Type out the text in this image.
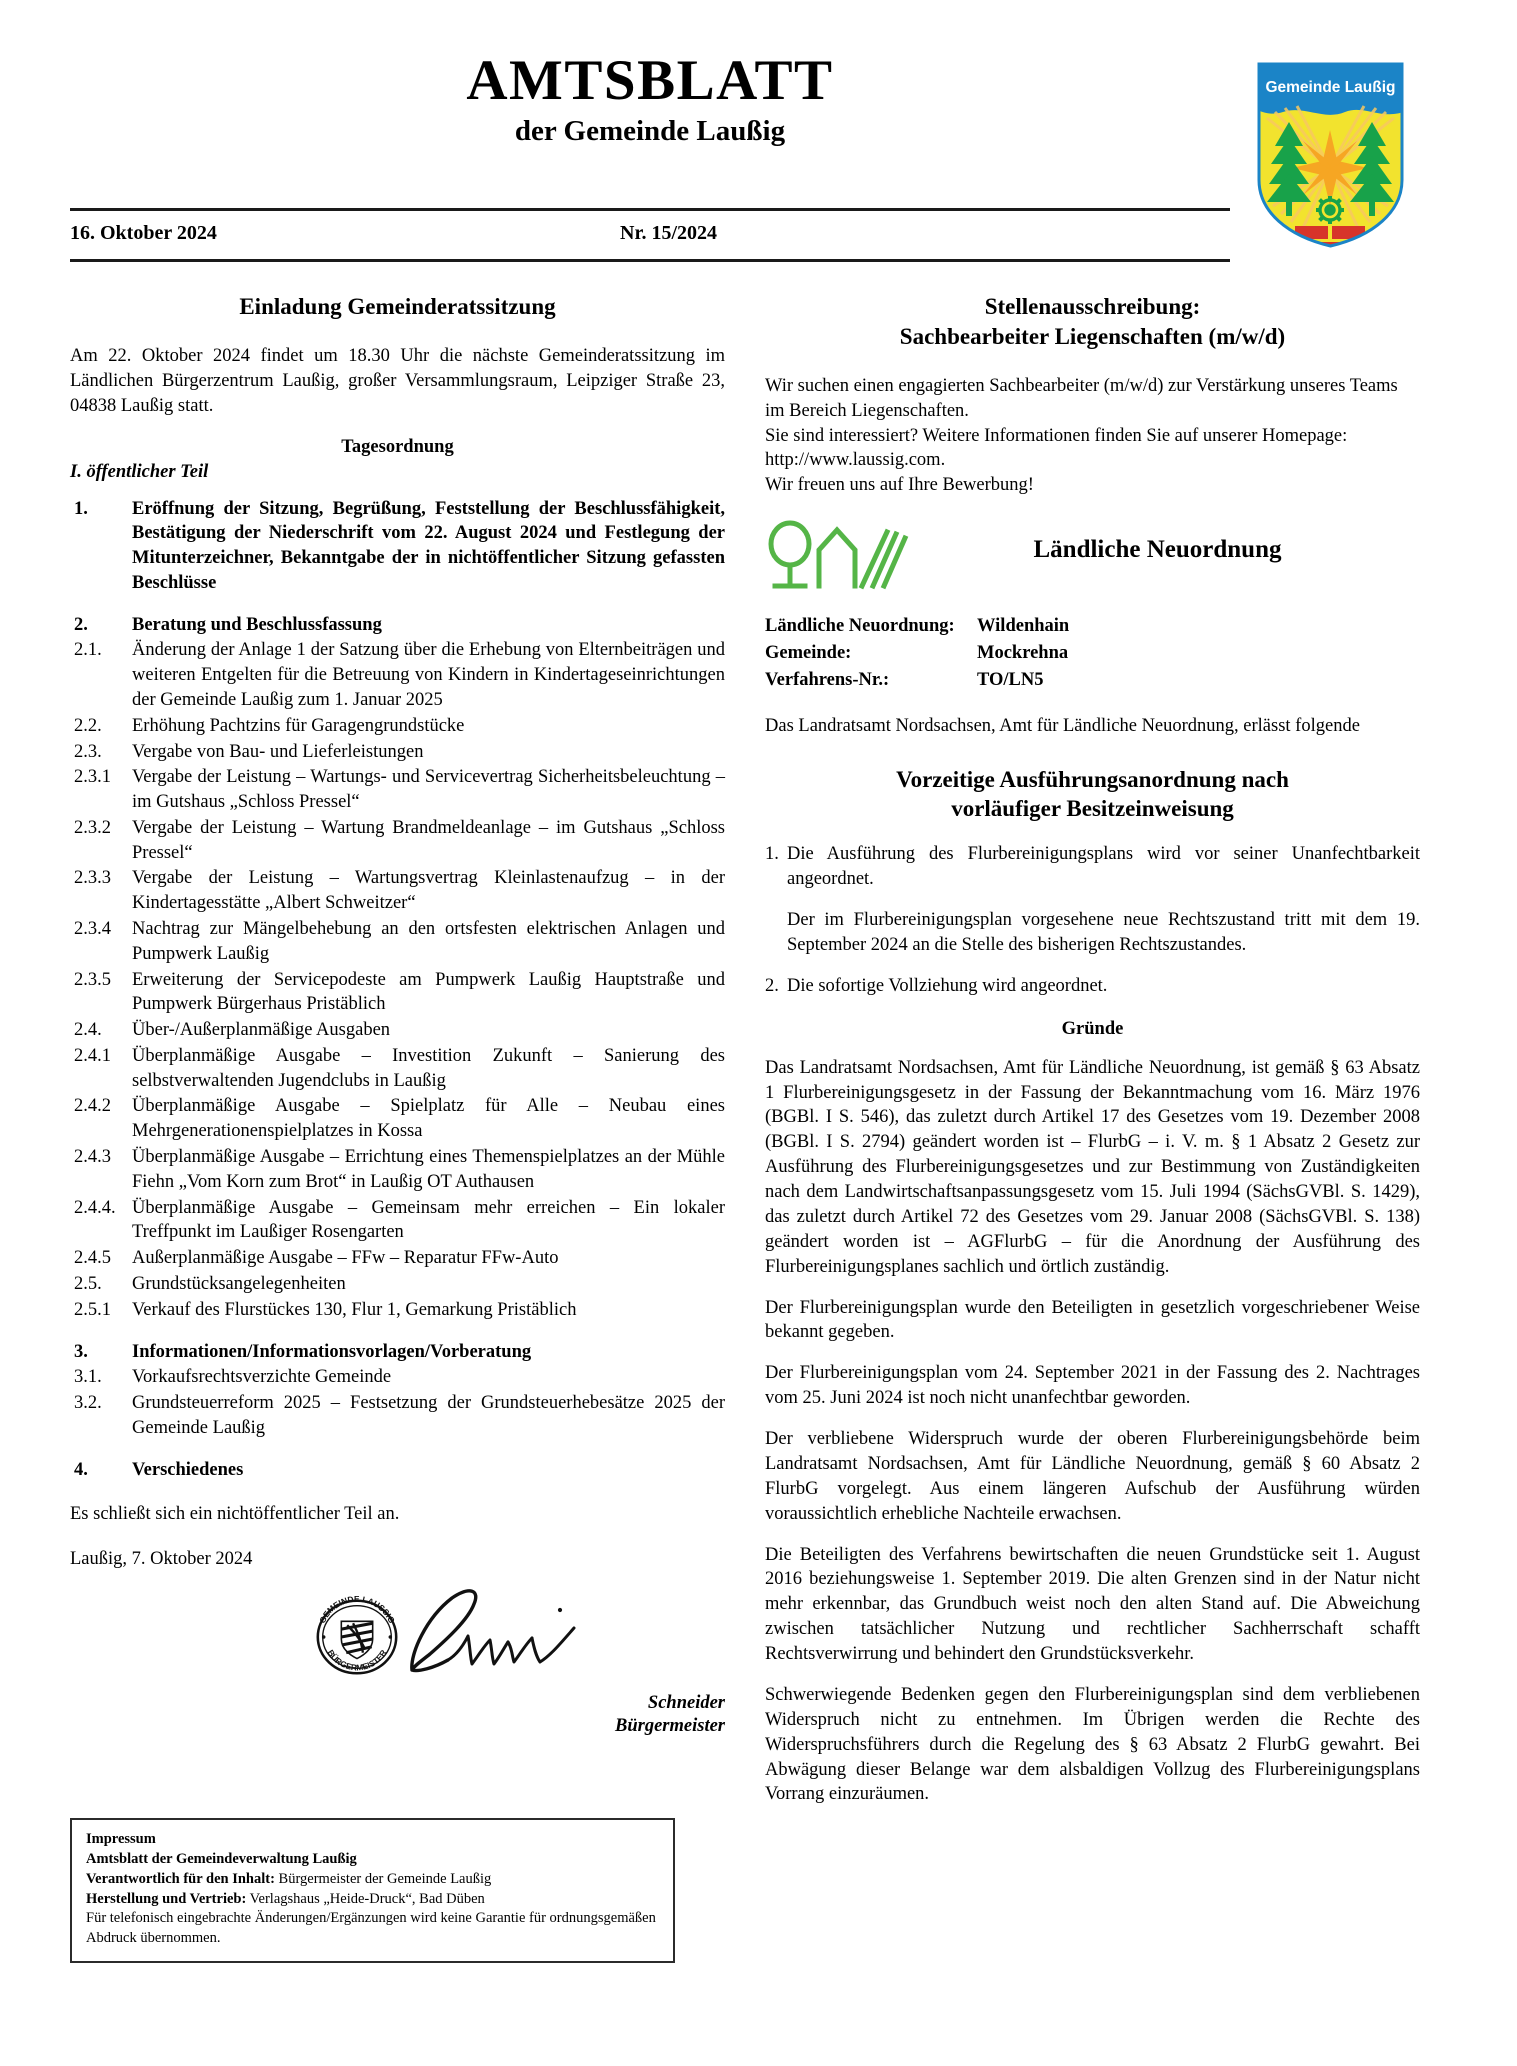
AMTSBLATT
der Gemeinde Laußig
16. Oktober 2024	Nr. 15/2024
Gemeinde Laußig
Einladung Gemeinderatssitzung

Am 22. Oktober 2024 findet um 18.30 Uhr die nächste Gemeinderatssitzung im Ländlichen Bürgerzentrum Laußig, großer Versammlungsraum, Leipziger Straße 23, 04838 Laußig statt.

Tagesordnung
I. öffentlicher Teil
1.	Eröffnung der Sitzung, Begrüßung, Feststellung der Beschlussfähigkeit, Bestätigung der Niederschrift vom 22. August 2024 und Festlegung der Mitunterzeichner, Bekanntgabe der in nichtöffentlicher Sitzung gefassten Beschlüsse
2.	Beratung und Beschlussfassung
2.1.	Änderung der Anlage 1 der Satzung über die Erhebung von Elternbeiträgen und weiteren Entgelten für die Betreuung von Kindern in Kindertageseinrichtungen der Gemeinde Laußig zum 1. Januar 2025
2.2.	Erhöhung Pachtzins für Garagengrundstücke
2.3.	Vergabe von Bau- und Lieferleistungen
2.3.1	Vergabe der Leistung – Wartungs- und Servicevertrag Sicherheitsbeleuchtung – im Gutshaus „Schloss Pressel“
2.3.2	Vergabe der Leistung – Wartung Brandmeldeanlage – im Gutshaus „Schloss Pressel“
2.3.3	Vergabe der Leistung – Wartungsvertrag Kleinlastenaufzug – in der Kindertagesstätte „Albert Schweitzer“
2.3.4	Nachtrag zur Mängelbehebung an den ortsfesten elektrischen Anlagen und Pumpwerk Laußig
2.3.5	Erweiterung der Servicepodeste am Pumpwerk Laußig Hauptstraße und Pumpwerk Bürgerhaus Pristäblich
2.4.	Über-/Außerplanmäßige Ausgaben
2.4.1	Überplanmäßige Ausgabe – Investition Zukunft – Sanierung des selbstverwaltenden Jugendclubs in Laußig
2.4.2	Überplanmäßige Ausgabe – Spielplatz für Alle – Neubau eines Mehrgenerationenspielplatzes in Kossa
2.4.3	Überplanmäßige Ausgabe – Errichtung eines Themenspielplatzes an der Mühle Fiehn „Vom Korn zum Brot“ in Laußig OT Authausen
2.4.4. Überplanmäßige Ausgabe – Gemeinsam mehr erreichen – Ein lokaler Treffpunkt im Laußiger Rosengarten
2.4.5	Außerplanmäßige Ausgabe – FFw – Reparatur FFw-Auto
2.5.	Grundstücksangelegenheiten
2.5.1	Verkauf des Flurstückes 130, Flur 1, Gemarkung Pristäblich
3.	Informationen/Informationsvorlagen/Vorberatung
3.1.	Vorkaufsrechtsverzichte Gemeinde
3.2.	Grundsteuerreform 2025 – Festsetzung der Grundsteuerhebesätze 2025 der Gemeinde Laußig
4.	Verschiedenes

Es schließt sich ein nichtöffentlicher Teil an.

Laußig, 7. Oktober 2024

GEMEINDE LAUSSIG
BÜRGERMEISTER
Schneider
Bürgermeister
Impressum
Amtsblatt der Gemeindeverwaltung Laußig
Verantwortlich für den Inhalt: Bürgermeister der Gemeinde Laußig
Herstellung und Vertrieb: Verlagshaus „Heide-Druck“, Bad Düben
Für telefonisch eingebrachte Änderungen/Ergänzungen wird keine Garantie für ordnungsgemäßen Abdruck übernommen.
Stellenausschreibung:
Sachbearbeiter Liegenschaften (m/w/d)

Wir suchen einen engagierten Sachbearbeiter (m/w/d) zur Verstärkung unseres Teams im Bereich Liegenschaften.

Sie sind interessiert? Weitere Informationen finden Sie auf unserer Homepage: http://www.laussig.com.

Wir freuen uns auf Ihre Bewerbung!

Ländliche Neuordnung
Ländliche Neuordnung:	Wildenhain
Gemeinde:	Mockrehna
Verfahrens-Nr.:	TO/LN5

Das Landratsamt Nordsachsen, Amt für Ländliche Neuordnung, erlässt folgende

Vorzeitige Ausführungsanordnung nach
vorläufiger Besitzeinweisung
1. Die Ausführung des Flurbereinigungsplans wird vor seiner Unanfechtbarkeit angeordnet.
Der im Flurbereinigungsplan vorgesehene neue Rechtszustand tritt mit dem 19. September 2024 an die Stelle des bisherigen Rechtszustandes.
2. Die sofortige Vollziehung wird angeordnet.
Gründe

Das Landratsamt Nordsachsen, Amt für Ländliche Neuordnung, ist gemäß § 63 Absatz 1 Flurbereinigungsgesetz in der Fassung der Bekanntmachung vom 16. März 1976 (BGBl. I S. 546), das zuletzt durch Artikel 17 des Gesetzes vom 19. Dezember 2008 (BGBl. I S. 2794) geändert worden ist – FlurbG – i. V. m. § 1 Absatz 2 Gesetz zur Ausführung des Flurbereinigungsgesetzes und zur Bestimmung von Zuständigkeiten nach dem Landwirtschaftsanpassungsgesetz vom 15. Juli 1994 (SächsGVBl. S. 1429), das zuletzt durch Artikel 72 des Gesetzes vom 29. Januar 2008 (SächsGVBl. S. 138) geändert worden ist – AGFlurbG – für die Anordnung der Ausführung des Flurbereinigungsplanes sachlich und örtlich zuständig.

Der Flurbereinigungsplan wurde den Beteiligten in gesetzlich vorgeschriebener Weise bekannt gegeben.

Der Flurbereinigungsplan vom 24. September 2021 in der Fassung des 2. Nachtrages vom 25. Juni 2024 ist noch nicht unanfechtbar geworden.

Der verbliebene Widerspruch wurde der oberen Flurbereinigungsbehörde beim Landratsamt Nordsachsen, Amt für Ländliche Neuordnung, gemäß § 60 Absatz 2 FlurbG vorgelegt. Aus einem längeren Aufschub der Ausführung würden voraussichtlich erhebliche Nachteile erwachsen.

Die Beteiligten des Verfahrens bewirtschaften die neuen Grundstücke seit 1. August 2016 beziehungsweise 1. September 2019. Die alten Grenzen sind in der Natur nicht mehr erkennbar, das Grundbuch weist noch den alten Stand auf. Die Abweichung zwischen tatsächlicher Nutzung und rechtlicher Sachherrschaft schafft Rechtsverwirrung und behindert den Grundstücksverkehr.

Schwerwiegende Bedenken gegen den Flurbereinigungsplan sind dem verbliebenen Widerspruch nicht zu entnehmen. Im Übrigen werden die Rechte des Widerspruchsführers durch die Regelung des § 63 Absatz 2 FlurbG gewahrt. Bei Abwägung dieser Belange war dem alsbaldigen Vollzug des Flurbereinigungsplans Vorrang einzuräumen.
